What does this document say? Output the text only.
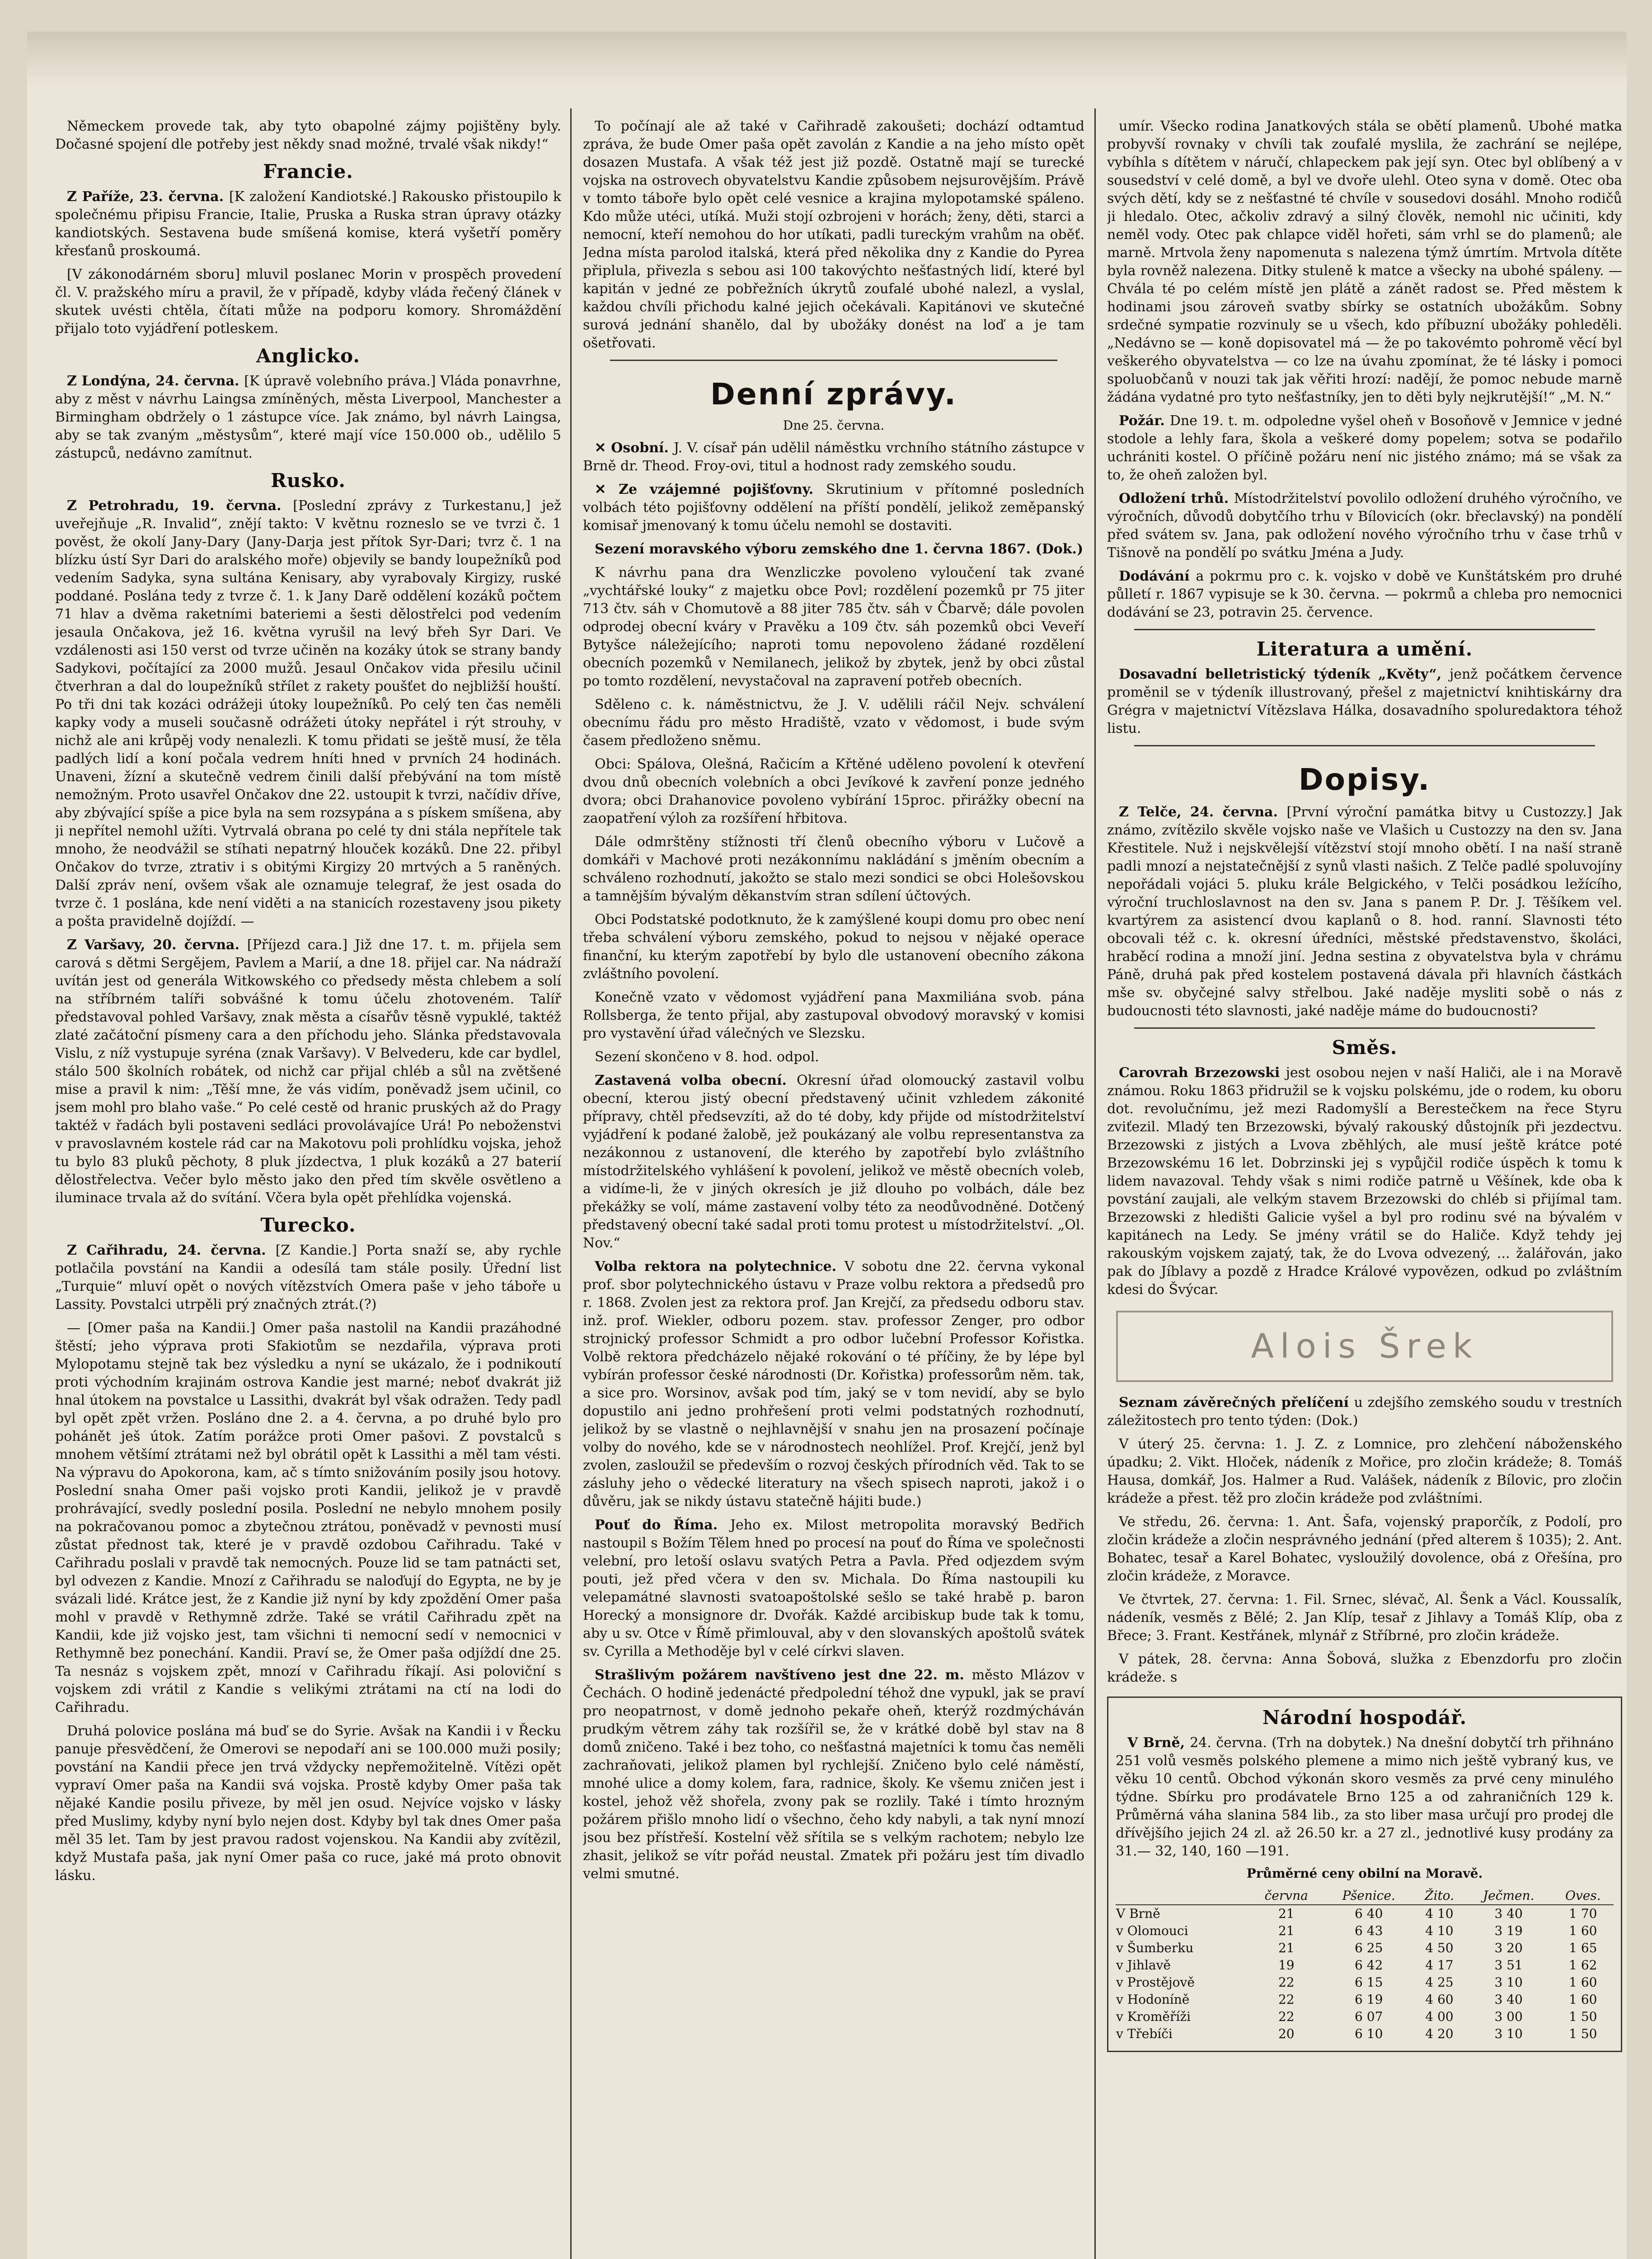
Německem provede tak, aby tyto obapolné zájmy pojištěny byly. Dočasné spojení dle potřeby jest někdy snad možné, trvalé však nikdy!“

Francie.

Z Paříže, 23. června. [K založení Kandiotské.] Rakousko přistoupilo k společnému připisu Francie, Italie, Pruska a Ruska stran úpravy otázky kandiotských. Sestavena bude smíšená komise, která vyšetří poměry křesťanů proskoumá.

[V zákonodárném sboru] mluvil poslanec Morin v prospěch provedení čl. V. pražského míru a pravil, že v případě, kdyby vláda řečený článek v skutek uvésti chtěla, čítati může na podporu komory. Shromáždění přijalo toto vyjádření potleskem.

Anglicko.

Z Londýna, 24. června. [K úpravě volebního práva.] Vláda ponavrhne, aby z měst v návrhu Laingsa zmíněných, města Liverpool, Manchester a Birmingham obdržely o 1 zástupce více. Jak známo, byl návrh Laingsa, aby se tak zvaným „městysům“, které mají více 150.000 ob., udělilo 5 zástupců, nedávno zamítnut.

Rusko.

Z Petrohradu, 19. června. [Poslední zprávy z Turkestanu,] jež uveřejňuje „R. Invalid“, znějí takto: V květnu rozneslo se ve tvrzi č. 1 pověst, že okolí Jany-Dary (Jany-Darja jest přítok Syr-Dari; tvrz č. 1 na blízku ústí Syr Dari do aralského moře) objevily se bandy loupežníků pod vedením Sadyka, syna sultána Kenisary, aby vyrabovaly Kirgizy, ruské poddané. Poslána tedy z tvrze č. 1. k Jany Darě oddělení kozáků počtem 71 hlav a dvěma raketními bateriemi a šesti dělostřelci pod vedením jesaula Ončakova, jež 16. května vyrušil na levý břeh Syr Dari. Ve vzdálenosti asi 150 verst od tvrze učiněn na kozáky útok se strany bandy Sadykovi, počítající za 2000 mužů. Jesaul Ončakov vida přesilu učinil čtverhran a dal do loupežníků střílet z rakety poušťet do nejbližší houští. Po tři dni tak kozáci odrážeji útoky loupežníků. Po celý ten čas neměli kapky vody a museli současně odrážeti útoky nepřátel i rýt strouhy, v nichž ale ani krůpěj vody nenalezli. K tomu přidati se ještě musí, že těla padlých lidí a koní počala vedrem hníti hned v prvních 24 hodinách. Unaveni, žízní a skutečně vedrem činili další přebývání na tom místě nemožným. Proto usavřel Ončakov dne 22. ustoupit k tvrzi, načídiv dříve, aby zbývající spíše a pice byla na sem rozsypána a s pískem smíšena, aby ji nepřítel nemohl užíti. Vytrvalá obrana po celé ty dni stála nepřítele tak mnoho, že neodvážil se stíhati nepatrný hlouček kozáků. Dne 22. přibyl Ončakov do tvrze, ztrativ i s obitými Kirgizy 20 mrtvých a 5 raněných. Další zpráv není, ovšem však ale oznamuje telegraf, že jest osada do tvrze č. 1 poslána, kde není viděti a na stanicích rozestaveny jsou pikety a pošta pravidelně dojíždí. —

Z Varšavy, 20. června. [Příjezd cara.] Již dne 17. t. m. přijela sem carová s dětmi Sergějem, Pavlem a Marií, a dne 18. přijel car. Na nádraží uvítán jest od generála Witkowského co předsedy města chlebem a solí na stříbrném talíři sobvášné k tomu účelu zhotoveném. Talíř představoval pohled Varšavy, znak města a císařův těsně vypuklé, taktéž zlaté začátoční písmeny cara a den příchodu jeho. Slánka představovala Vislu, z níž vystupuje syréna (znak Varšavy). V Belvederu, kde car bydlel, stálo 500 školních robátek, od nichž car přijal chléb a sůl na zvětšené mise a pravil k nim: „Těší mne, že vás vidím, poněvadž jsem učinil, co jsem mohl pro blaho vaše.“ Po celé cestě od hranic pruských až do Pragy taktéž v řadách byli postaveni sedláci provolávajíce Urá! Po neboženstvi v pravoslavném kostele rád car na Makotovu poli prohlídku vojska, jehož tu bylo 83 pluků pěchoty, 8 pluk jízdectva, 1 pluk kozáků a 27 baterií dělostřelectva. Večer bylo město jako den před tím skvěle osvětleno a iluminace trvala až do svítání. Včera byla opět přehlídka vojenská.

Turecko.

Z Cařihradu, 24. června. [Z Kandie.] Porta snaží se, aby rychle potlačila povstání na Kandii a odesílá tam stále posily. Úřední list „Turquie“ mluví opět o nových vítězstvích Omera paše v jeho táboře u Lassity. Povstalci utrpěli prý značných ztrát.(?)

— [Omer paša na Kandii.] Omer paša nastolil na Kandii prazáhodné štěstí; jeho výprava proti Sfakiotům se nezdařila, výprava proti Mylopotamu stejně tak bez výsledku a nyní se ukázalo, že i podnikoutí proti východním krajinám ostrova Kandie jest marné; neboť dvakrát již hnal útokem na povstalce u Lassithi, dvakrát byl však odražen. Tedy padl byl opět zpět vržen. Posláno dne 2. a 4. června, a po druhé bylo pro pohánět ješ útok. Zatím porážce proti Omer pašovi. Z povstalců s mnohem většímí ztrátami než byl obrátil opět k Lassithi a měl tam vésti. Na výpravu do Apokorona, kam, ač s tímto snižováním posily jsou hotovy. Poslední snaha Omer paši vojsko proti Kandii, jelikož je v pravdě prohrávající, svedly poslední posila. Poslední ne nebylo mnohem posily na pokračovanou pomoc a zbytečnou ztrátou, poněvadž v pevnosti musí zůstat přednost tak, které je v pravdě ozdobou Cařihradu. Také v Cařihradu poslali v pravdě tak nemocných. Pouze lid se tam patnácti set, byl odvezen z Kandie. Mnozí z Cařihradu se naloďují do Egypta, ne by je svázali lidé. Krátce jest, že z Kandie již nyní by kdy zpoždění Omer paša mohl v pravdě v Rethymně zdrže. Také se vrátil Cařihradu zpět na Kandii, kde již vojsko jest, tam všichni ti nemocní sedí v nemocnici v Rethymně bez ponechání. Kandii. Praví se, že Omer paša odjíždí dne 25. Ta nesnáz s vojskem zpět, mnozí v Cařihradu říkají. Asi poloviční s vojskem zdi vrátil z Kandie s velikými ztrátami na ctí na lodi do Cařihradu.

Druhá polovice poslána má buď se do Syrie. Avšak na Kandii i v Řecku panuje přesvědčení, že Omerovi se nepodaří ani se 100.000 muži posily; povstání na Kandii přece jen trvá vždycky nepřemožitelně. Vítězi opět vypraví Omer paša na Kandii svá vojska. Prostě kdyby Omer paša tak nějaké Kandie posilu přiveze, by měl jen osud. Nejvíce vojsko v lásky před Muslimy, kdyby nyní bylo nejen dost. Kdyby byl tak dnes Omer paša měl 35 let. Tam by jest pravou radost vojenskou. Na Kandii aby zvítězil, když Mustafa paša, jak nyní Omer paša co ruce, jaké má proto obnovit lásku.

To počínají ale až také v Cařihradě zakoušeti; dochází odtamtud zpráva, že bude Omer paša opět zavolán z Kandie a na jeho místo opět dosazen Mustafa. A však též jest již pozdě. Ostatně mají se turecké vojska na ostrovech obyvatelstvu Kandie způsobem nejsurovějším. Právě v tomto táboře bylo opět celé vesnice a krajina mylopotamské spáleno. Kdo může utéci, utíká. Muži stojí ozbrojeni v horách; ženy, děti, starci a nemocní, kteří nemohou do hor utíkati, padli tureckým vrahům na oběť. Jedna místa parolod italská, která před několika dny z Kandie do Pyrea připlula, přivezla s sebou asi 100 takovýchto nešťastných lidí, které byl kapitán v jedné ze pobřežních úkrytů zoufalé ubohé nalezl, a vyslal, každou chvíli přichodu kalné jejich očekávali. Kapitánovi ve skutečné surová jednání shanělo, dal by ubožáky donést na loď a je tam ošetřovati.

Denní zprávy.
Dne 25. června.

✕ Osobní. J. V. císař pán udělil náměstku vrchního státního zástupce v Brně dr. Theod. Froy-ovi, titul a hodnost rady zemského soudu.

✕ Ze vzájemné pojišťovny. Skrutinium v přítomné posledních volbách této pojišťovny oddělení na příští pondělí, jelikož zeměpanský komisař jmenovaný k tomu účelu nemohl se dostaviti.

Sezení moravského výboru zemského dne 1. června 1867. (Dok.)

K návrhu pana dra Wenzliczke povoleno vyloučení tak zvané „vychtářské louky“ z majetku obce Povl; rozdělení pozemků pr 75 jiter 713 čtv. sáh v Chomutově a 88 jiter 785 čtv. sáh v Čbarvě; dále povolen odprodej obecní kváry v Pravěku a 109 čtv. sáh pozemků obci Veveří Bytyšce náležejícího; naproti tomu nepovoleno žádané rozdělení obecních pozemků v Nemilanech, jelikož by zbytek, jenž by obci zůstal po tomto rozdělení, nevystačoval na zapravení potřeb obecních.

Sděleno c. k. náměstnictvu, že J. V. udělili ráčil Nejv. schválení obecnímu řádu pro město Hradiště, vzato v vědomost, i bude svým časem předloženo sněmu.

Obci: Spálova, Olešná, Račicím a Křtěné uděleno povolení k otevření dvou dnů obecních volebních a obci Jevíkové k zavření ponze jedného dvora; obci Drahanovice povoleno vybírání 15proc. přirážky obecní na zaopatření výloh za rozšíření hřbitova.

Dále odmrštěny stížnosti tří členů obecního výboru v Lučově a domkáři v Machové proti nezákonnímu nakládání s jměním obecním a schváleno rozhodnutí, jakožto se stalo mezi sondici se obci Holešovskou a tamnějším bývalým děkanstvím stran sdílení účtových.

Obci Podstatské podotknuto, že k zamýšlené koupi domu pro obec není třeba schválení výboru zemského, pokud to nejsou v nějaké operace finanční, ku kterým zapotřebí by bylo dle ustanovení obecního zákona zvláštního povolení.

Konečně vzato v vědomost vyjádření pana Maxmiliána svob. pána Rollsberga, že tento přijal, aby zastupoval obvodový moravský v komisi pro vystavění úřad válečných ve Slezsku.

Sezení skončeno v 8. hod. odpol.

Zastavená volba obecní. Okresní úřad olomoucký zastavil volbu obecní, kterou jistý obecní představený učinit vzhledem zákonité přípravy, chtěl předsevzíti, až do té doby, kdy přijde od místodržitelství vyjádření k podané žalobě, jež poukázaný ale volbu representanstva za nezákonnou z ustanovení, dle kterého by zapotřebí bylo zvláštního místodržitelského vyhlášení k povolení, jelikož ve městě obecních voleb, a vidíme-li, že v jiných okresích je již dlouho po volbách, dále bez překážky se volí, máme zastavení volby této za neodůvodněné. Dotčený představený obecní také sadal proti tomu protest u místodržitelství. „Ol. Nov.“

Volba rektora na polytechnice. V sobotu dne 22. června vykonal prof. sbor polytechnického ústavu v Praze volbu rektora a předsedů pro r. 1868. Zvolen jest za rektora prof. Jan Krejčí, za předsedu odboru stav. inž. prof. Wiekler, odboru pozem. stav. professor Zenger, pro odbor strojnický professor Schmidt a pro odbor lučební Professor Kořistka. Volbě rektora předcházelo nějaké rokování o té příčiny, že by lépe byl vybírán professor české národnosti (Dr. Kořistka) professorům něm. tak, a sice pro. Worsinov, avšak pod tím, jaký se v tom nevidí, aby se bylo dopustilo ani jedno prohřešení proti velmi podstatných rozhodnutí, jelikož by se vlastně o nejhlavnější v snahu jen na prosazení počínaje volby do nového, kde se v národnostech neohlížel. Prof. Krejčí, jenž byl zvolen, zasloužil se především o rozvoj českých přírodních věd. Tak to se zásluhy jeho o vědecké literatury na všech spisech naproti, jakož i o důvěru, jak se nikdy ústavu statečně hájiti bude.)

Pouť do Říma. Jeho ex. Milost metropolita moravský Bedřich nastoupil s Božím Tělem hned po procesí na pouť do Říma ve společnosti velební, pro letoší oslavu svatých Petra a Pavla. Před odjezdem svým pouti, jež před včera v den sv. Michala. Do Říma nastoupili ku velepamátné slavnosti svatoapoštolské sešlo se také hrabě p. baron Horecký a monsignore dr. Dvořák. Každé arcibiskup bude tak k tomu, aby u sv. Otce v Římě přimlouval, aby v den slovanských apoštolů svátek sv. Cyrilla a Methoděje byl v celé církvi slaven.

Strašlivým požárem navštíveno jest dne 22. m. město Mlázov v Čechách. O hodině jedenácté předpolední téhož dne vypukl, jak se praví pro neopatrnost, v domě jednoho pekaře oheň, kterýž rozdmýcháván prudkým větrem záhy tak rozšířil se, že v krátké době byl stav na 8 domů zničeno. Také i bez toho, co nešťastná majetníci k tomu čas neměli zachraňovati, jelikož plamen byl rychlejší. Zničeno bylo celé náměstí, mnohé ulice a domy kolem, fara, radnice, školy. Ke všemu zničen jest i kostel, jehož věž shořela, zvony pak se rozlily. Také i tímto hrozným požárem přišlo mnoho lidí o všechno, čeho kdy nabyli, a tak nyní mnozí jsou bez přístřeší. Kostelní věž sřítila se s velkým rachotem; nebylo lze zhasit, jelikož se vítr pořád neustal. Zmatek při požáru jest tím divadlo velmi smutné.

umír. Všecko rodina Janatkových stála se obětí plamenů. Ubohé matka probyvší rovnaky v chvíli tak zoufalé myslila, že zachrání se nejlépe, vybíhla s dítětem v náručí, chlapeckem pak její syn. Otec byl oblíbený a v sousedství v celé domě, a byl ve dvoře ulehl. Oteo syna v domě. Otec oba svých dětí, kdy se z nešťastné té chvíle v sousedovi dosáhl. Mnoho rodičů ji hledalo. Otec, ačkoliv zdravý a silný člověk, nemohl nic učiniti, kdy neměl vody. Otec pak chlapce viděl hořeti, sám vrhl se do plamenů; ale marně. Mrtvola ženy napomenuta s nalezena týmž úmrtím. Mrtvola dítěte byla rovněž nalezena. Ditky stuleně k matce a všecky na ubohé spáleny. — Chvála té po celém místě jen plátě a zánět radost se. Před městem k hodinami jsou zároveň svatby sbírky se ostatních ubožákům. Sobny srdečné sympatie rozvinuly se u všech, kdo příbuzní ubožáky pohleděli. „Nedávno se — koně dopisovatel má — že po takovémto pohromě věcí byl veškerého obyvatelstva — co lze na úvahu zpomínat, že té lásky i pomoci spoluobčanů v nouzi tak jak věřiti hrozí: nadějí, že pomoc nebude marně žádána vydatné pro tyto nešťastníky, jen to děti byly nejkrutější!“ „M. N.“

Požár. Dne 19. t. m. odpoledne vyšel oheň v Bosoňově v Jemnice v jedné stodole a lehly fara, škola a veškeré domy popelem; sotva se podařilo uchrániti kostel. O příčině požáru není nic jistého známo; má se však za to, že oheň založen byl.

Odložení trhů. Místodržitelství povolilo odložení druhého výročního, ve výročních, důvodů dobytčího trhu v Bílovicích (okr. břeclavský) na pondělí před svátem sv. Jana, pak odložení nového výročního trhu v čase trhů v Tišnově na pondělí po svátku Jména a Judy.

Dodávání a pokrmu pro c. k. vojsko v době ve Kunštátském pro druhé půlletí r. 1867 vypisuje se k 30. června. — pokrmů a chleba pro nemocnici dodávání se 23, potravin 25. července.

Literatura a umění.

Dosavadní belletristický týdeník „Květy“, jenž počátkem července proměnil se v týdeník illustrovaný, přešel z majetnictví knihtiskárny dra Grégra v majetnictví Vítězslava Hálka, dosavadního spoluredaktora téhož listu.

Dopisy.

Z Telče, 24. června. [První výroční památka bitvy u Custozzy.] Jak známo, zvítězilo skvěle vojsko naše ve Vlašich u Custozzy na den sv. Jana Křestitele. Nuž i nejskvělejší vítězství stojí mnoho obětí. I na naší straně padli mnozí a nejstatečnější z synů vlasti našich. Z Telče padlé spoluvojíny nepořádali vojáci 5. pluku krále Belgického, v Telči posádkou ležícího, výroční truchloslavnost na den sv. Jana s panem P. Dr. J. Těšíkem vel. kvartýrem za asistencí dvou kaplanů o 8. hod. ranní. Slavnosti této obcovali též c. k. okresní úředníci, městské představenstvo, školáci, hraběcí rodina a množí jiní. Jedna sestina z obyvatelstva byla v chrámu Páně, druhá pak před kostelem postavená dávala při hlavních částkách mše sv. obyčejné salvy střelbou. Jaké naděje mysliti sobě o nás z budoucnosti této slavnosti, jaké naděje máme do budoucnosti?

Směs.

Carovrah Brzezowski jest osobou nejen v naší Haliči, ale i na Moravě známou. Roku 1863 přidružil se k vojsku polskému, jde o rodem, ku oboru dot. revolučnímu, jež mezi Radomyšlí a Berestečkem na řece Styru zviťezil. Mladý ten Brzezowski, bývalý rakouský důstojník při jezdectvu. Brzezowski z jistých a Lvova zběhlých, ale musí ještě krátce poté Brzezowskému 16 let. Dobrzinski jej s vypůjčil rodiče úspěch k tomu k lidem navazoval. Tehdy však s nimi rodiče patrně u Věšínek, kde oba k povstání zaujali, ale velkým stavem Brzezowski do chléb si přijímal tam. Brzezowski z hledišti Galicie vyšel a byl pro rodinu své na bývalém v kapitánech na Ledy. Se jmény vrátil se do Haliče. Když tehdy jej rakouským vojskem zajatý, tak, že do Lvova odvezený, ... žalářován, jako pak do Jíblavy a pozdě z Hradce Králové vypovězen, odkud po zvláštním kdesi do Švýcar.

Alois Šrek

Seznam závěrečných přelíčení u zdejšího zemského soudu v trestních záležitostech pro tento týden: (Dok.)

V úterý 25. června: 1. J. Z. z Lomnice, pro zlehčení náboženského úpadku; 2. Vikt. Hloček, nádeník z Mořice, pro zločin krádeže; 8. Tomáš Hausa, domkář, Jos. Halmer a Rud. Valášek, nádeník z Bílovic, pro zločin krádeže a přest. těž pro zločin krádeže pod zvláštními.

Ve středu, 26. června: 1. Ant. Šafa, vojenský praporčík, z Podolí, pro zločin krádeže a zločin nesprávného jednání (před alterem š 1035); 2. Ant. Bohatec, tesař a Karel Bohatec, vysloužilý dovolence, obá z Ořešína, pro zločin krádeže, z Moravce.

Ve čtvrtek, 27. června: 1. Fil. Srnec, slévač, Al. Šenk a Václ. Koussalík, nádeník, vesměs z Bělé; 2. Jan Klíp, tesař z Jihlavy a Tomáš Klíp, oba z Břece; 3. Frant. Kestřánek, mlynář z Stříbrné, pro zločin krádeže.

V pátek, 28. června: Anna Šobová, služka z Ebenzdorfu pro zločin krádeže. s

Národní hospodář.

V Brně, 24. června. (Trh na dobytek.) Na dnešní dobytčí trh přihnáno 251 volů vesměs polského plemene a mimo nich ještě vybraný kus, ve věku 10 centů. Obchod výkonán skoro vesměs za prvé ceny minulého týdne. Sbírku pro prodávatele Brno 125 a od zahraničních 129 k. Průměrná váha slanina 584 lib., za sto liber masa určují pro prodej dle dřívějšího jejich 24 zl. až 26.50 kr. a 27 zl., jednotlivé kusy prodány za 31.— 32, 140, 160 —191.

Průměrné ceny obilní na Moravě.
	června	Pšenice.	Žito.	Ječmen.	Oves.
V Brně	21	6 40	4 10	3 40	1 70
v Olomouci	21	6 43	4 10	3 19	1 60
v Šumberku	21	6 25	4 50	3 20	1 65
v Jihlavě	19	6 42	4 17	3 51	1 62
v Prostějově	22	6 15	4 25	3 10	1 60
v Hodoníně	22	6 19	4 60	3 40	1 60
v Kroměříži	22	6 07	4 00	3 00	1 50
v Třebíči	20	6 10	4 20	3 10	1 50
